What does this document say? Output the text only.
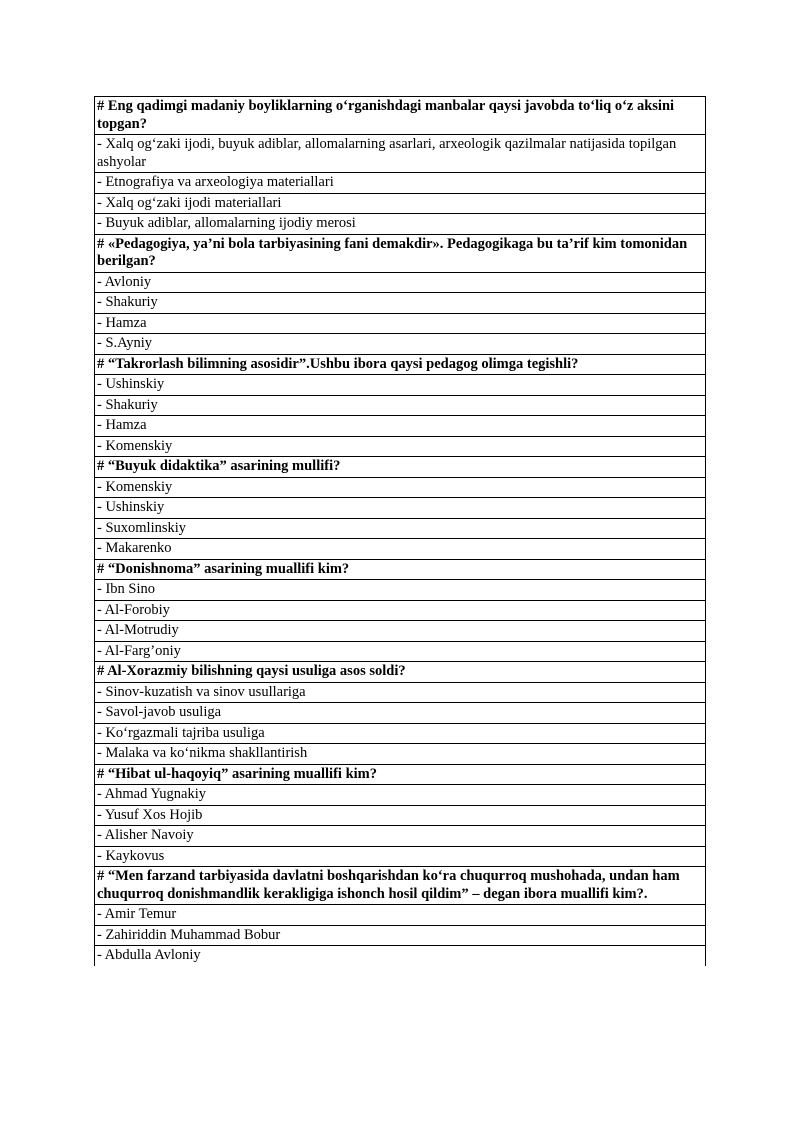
# Eng qadimgi madaniy boyliklarning o‘rganishdagi manbalar qaysi javobda to‘liq o‘z aksini topgan?
- Xalq og‘zaki ijodi, buyuk adiblar, allomalarning asarlari, arxeologik qazilmalar natijasida topilgan ashyolar
- Etnografiya va arxeologiya materiallari
- Xalq og‘zaki ijodi materiallari
- Buyuk adiblar, allomalarning ijodiy merosi
# «Pedagogiya, ya’ni bola tarbiyasining fani demakdir». Pedagogikaga bu ta’rif kim tomonidan berilgan?
- Avloniy
- Shakuriy
- Hamza
- S.Ayniy
# “Takrorlash bilimning asosidir”.Ushbu ibora qaysi pedagog olimga tegishli?
- Ushinskiy
- Shakuriy
- Hamza
- Komenskiy
# “Buyuk didaktika” asarining mullifi?
- Komenskiy
- Ushinskiy
- Suxomlinskiy
- Makarenko
# “Donishnoma” asarining muallifi kim?
- Ibn Sino
- Al-Forobiy
- Al-Motrudiy
- Al-Farg’oniy
# Al-Xorazmiy bilishning qaysi usuliga asos soldi?
- Sinov-kuzatish va sinov usullariga
- Savol-javob usuliga
- Ko‘rgazmali tajriba usuliga
- Malaka va ko‘nikma shakllantirish
# “Hibat ul-haqoyiq” asarining muallifi kim?
- Ahmad Yugnakiy
- Yusuf Xos Hojib
- Alisher Navoiy
- Kaykovus
# “Men farzand tarbiyasida davlatni boshqarishdan ko‘ra chuqurroq mushohada, undan ham chuqurroq donishmandlik kerakligiga ishonch hosil qildim” – degan ibora muallifi kim?.
- Amir Temur
- Zahiriddin Muhammad Bobur
- Abdulla Avloniy
